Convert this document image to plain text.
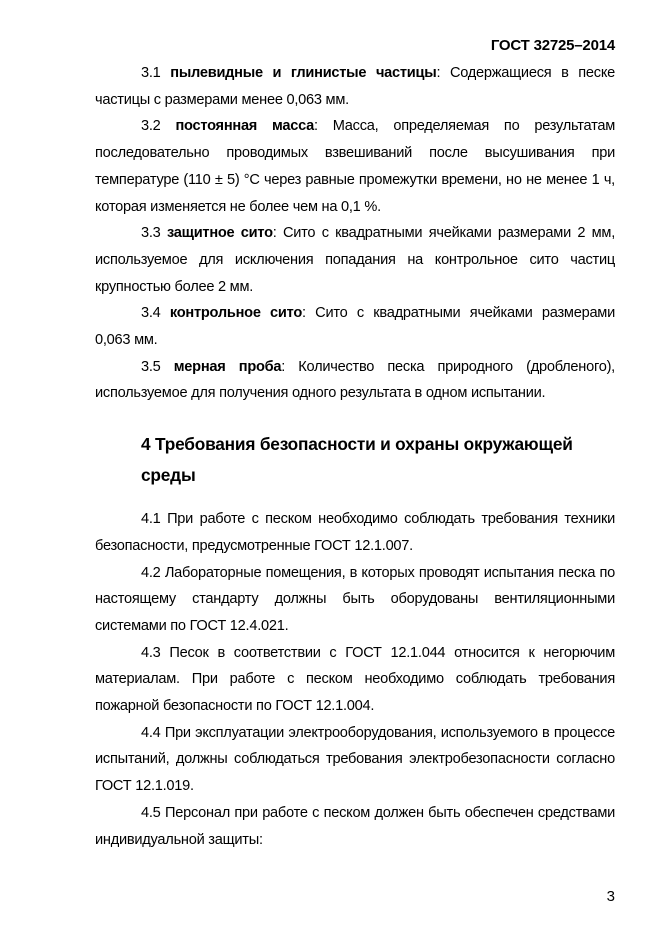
ГОСТ 32725–2014

3.1 пылевидные и глинистые частицы: Содержащиеся в песке частицы с размерами менее 0,063 мм.

3.2 постоянная масса: Масса, определяемая по результатам последовательно проводимых взвешиваний после высушивания при температуре (110 ± 5) °С через равные промежутки времени, но не менее 1 ч, которая изменяется не более чем на 0,1 %.

3.3 защитное сито: Сито с квадратными ячейками размерами 2 мм, используемое для исключения попадания на контрольное сито частиц крупностью более 2 мм.

3.4 контрольное сито: Сито с квадратными ячейками размерами 0,063 мм.

3.5 мерная проба: Количество песка природного (дробленого), используемое для получения одного результата в одном испытании.

4 Требования безопасности и охраны окружающей среды

4.1 При работе с песком необходимо соблюдать требования техники безопасности, предусмотренные ГОСТ 12.1.007.

4.2 Лабораторные помещения, в которых проводят испытания песка по настоящему стандарту должны быть оборудованы вентиляционными системами по ГОСТ 12.4.021.

4.3 Песок в соответствии с ГОСТ 12.1.044 относится к негорючим материалам. При работе с песком необходимо соблюдать требования пожарной безопасности по ГОСТ 12.1.004.

4.4 При эксплуатации электрооборудования, используемого в процессе испытаний, должны соблюдаться требования электробезопасности согласно ГОСТ 12.1.019.

4.5 Персонал при работе с песком должен быть обеспечен средствами индивидуальной защиты:

3
